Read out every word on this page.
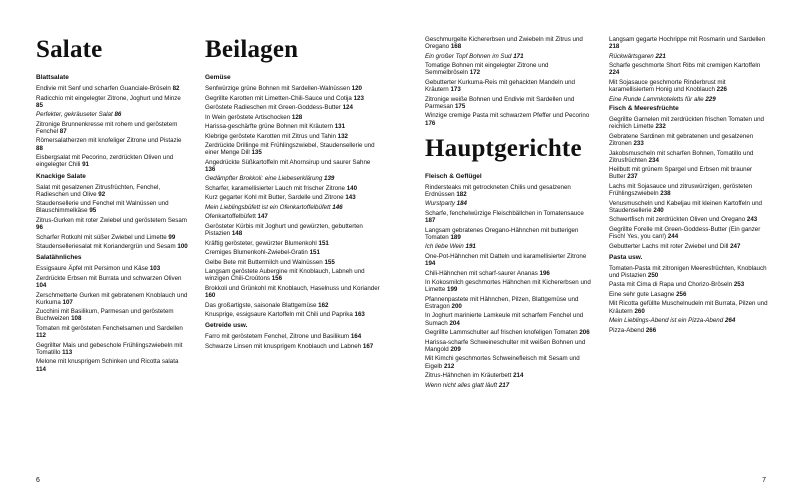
Salate
Blattsalate
Endivie mit Senf und scharfen Guanciale-Bröseln 82
Radicchio mit eingelegter Zitrone, Joghurt und Minze 85
Perfekter, gekräuseter Salat 86
Zitronige Brunnenkresse mit rohem und geröstetem Fenchel 87
Römersalatherzen mit knofeliger Zitrone und Pistazie 88
Eisbergsalat mit Pecorino, zerdrückten Oliven und eingelegter Chili 91
Knackige Salate
Salat mit gesalzenen Zitrusfrüchten, Fenchel, Radieschen und Olive 92
Staudensellerie und Fenchel mit Walnüssen und Blauschimmelkäse 95
Zitrus-Gurken mit roter Zwiebel und geröstetem Sesam 96
Scharfer Rotkohl mit süßer Zwiebel und Limette 99
Staudenselleriesalat mit Koriandergrün und Sesam 100
Salatähnliches
Essigsaure Äpfel mit Persimon und Käse 103
Zerdrückte Erbsen mit Burrata und schwarzen Oliven 104
Zerschmetterte Gurken mit gebratenem Knoblauch und Kurkuma 107
Zucchini mit Basilikum, Parmesan und geröstetem Buchweizen 108
Tomaten mit gerösteten Fenchelsamen und Sardellen 112
Gegrillter Mais und gebeschole Frühlingszwiebeln mit Tomatillo 113
Melone mit knusprigem Schinken und Ricotta salata 114
Beilagen
Gemüse
Senfwürzige grüne Bohnen mit Sardellen-Walnüssen 120
Gegrillte Karotten mit Limetten-Chili-Sauce und Cotija 123
Geröstete Radieschen mit Green-Goddess-Butter 124
In Wein geröstete Artischocken 128
Harissa-geschärfte grüne Bohnen mit Kräutern 131
Klebrige geröstete Karotten mit Zitrus und Tahin 132
Zerdrückte Drillinge mit Frühlingszwiebel, Staudensellerie und einer Menge Dill 135
Angedrückte Süßkartoffeln mit Ahornsirup und saurer Sahne 136
Gedämpfter Brokkoli: eine Liebeserklärung 139
Scharfer, karamellisierter Lauch mit frischer Zitrone 140
Kurz gegarter Kohl mit Butter, Sardelle und Zitrone 143
Mein Lieblingsbüfett ist ein Ofenkartoffelbüfett 146
Ofenkartoffelbüfett 147
Gerösteter Kürbis mit Joghurt und gewürzten, gebutterten Pistazien 148
Kräftig gerösteter, gewürzter Blumenkohl 151
Cremiges Blumenkohl-Zwiebel-Gratin 151
Gelbe Bete mit Buttermilch und Walnüssen 155
Langsam geröstete Aubergine mit Knoblauch, Labneh und winzigen Chili-Croûtons 156
Brokkoli und Grünkohl mit Knoblauch, Haselnuss und Koriander 160
Das großartigste, saisonale Blattgemüse 162
Knusprige, essigsaure Kartoffeln mit Chili und Paprika 163
Getreide usw.
Farro mit geröstetem Fenchel, Zitrone und Basilikum 164
Schwarze Linsen mit knusprigem Knoblauch und Labneh 167
Geschmurgelte Kichererbsen und Zwiebeln mit Zitrus und Oregano 168
Ein großer Topf Bohnen im Sud 171
Tomatige Bohnen mit eingelegter Zitrone und Semmelbröseln 172
Gebutterter Kurkuma-Reis mit gehackten Mandeln und Kräutern 173
Zitronige weiße Bohnen und Endivie mit Sardellen und Parmesan 175
Winzige cremige Pasta mit schwarzem Pfeffer und Pecorino 176
Hauptgerichte
Fleisch & Geflügel
Rindersteaks mit getrockneten Chilis und gesalzenen Erdnüssen 182
Wurstparty 184
Scharfe, fenchelwürzige Fleischbällchen in Tomatensauce 187
Langsam gebratenes Oregano-Hähnchen mit butterigen Tomaten 189
Ich liebe Wein 191
One-Pot-Hähnchen mit Datteln und karamellisierter Zitrone 194
Chili-Hähnchen mit scharf-saurer Ananas 196
In Kokosmilch geschmortes Hähnchen mit Kichererbsen und Limette 199
Pfannenpastete mit Hähnchen, Pilzen, Blattgemüse und Estragon 200
In Joghurt marinierte Lamkeule mit scharfem Fenchel und Sumach 204
Gegrillte Lammschulter auf frischen knofeligen Tomaten 206
Harissa-scharfe Schweineschulter mit weißen Bohnen und Mangold 209
Mit Kimchi geschmortes Schweinefleisch mit Sesam und Eigelb 212
Zitrus-Hähnchen im Kräuterbett 214
Wenn nicht alles glatt läuft 217
Langsam gegarte Hochrippe mit Rosmarin und Sardellen 218
Rückwärtsgaren 221
Scharfe geschmorte Short Ribs mit cremigen Kartoffeln 224
Mit Sojasauce geschmorte Rinderbrust mit karamellisiertem Honig und Knoblauch 226
Eine Runde Lammkoteletts für alle 229
Fisch & Meeresfrüchte
Gegrillte Garnelen mit zerdrückten frischen Tomaten und reichlich Limette 232
Gebratene Sardinen mit gebratenen und gesalzenen Zitronen 233
Jakobsmuscheln mit scharfen Bohnen, Tomatillo und Zitrusfrüchten 234
Heilbutt mit grünem Spargel und Erbsen mit brauner Butter 237
Lachs mit Sojasauce und zitruswürzigen, gerösteten Frühlingszwiebeln 238
Venusmuscheln und Kabeljau mit kleinen Kartoffeln und Staudensellerie 240
Schwertfisch mit zerdrückten Oliven und Oregano 243
Gegrillte Forelle mit Green-Goddess-Butter (Ein ganzer Fisch! Yes, you can!) 244
Gebutterter Lachs mit roter Zwiebel und Dill 247
Pasta usw.
Tomaten-Pasta mit zitronigen Meeresfrüchten, Knoblauch und Pistazien 250
Pasta mit Cima di Rapa und Chorizo-Bröseln 253
Eine sehr gute Lasagne 256
Mit Ricotta gefüllte Muschelnudeln mit Burrata, Pilzen und Kräutern 260
Mein Lieblings-Abend ist ein Pizza-Abend 264
Pizza-Abend 266
6	7
